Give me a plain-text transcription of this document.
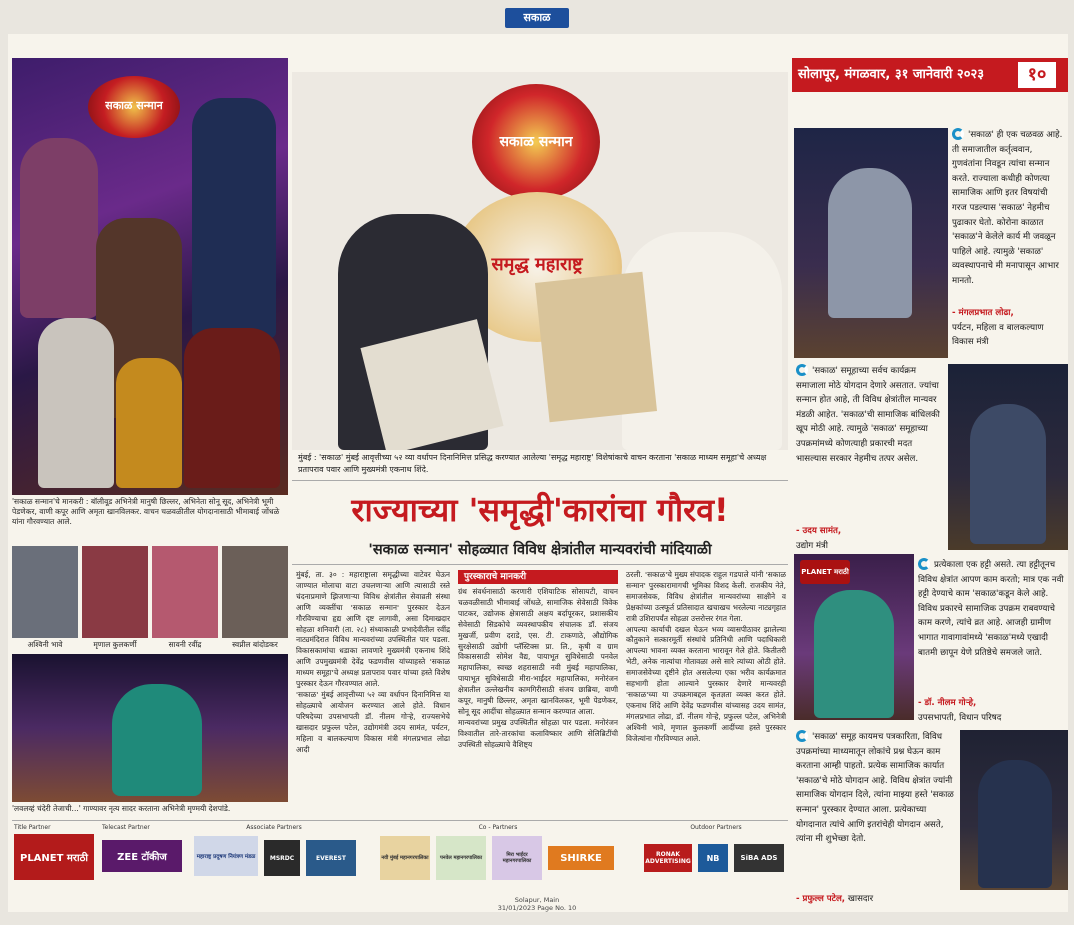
सकाळ
सकाळ सन्मान
'सकाळ सन्मान'चे मानकरी : बॉलीवूड अभिनेत्री मानुषी छिल्लर, अभिनेता सोनू सूद, अभिनेत्री भूमी पेडणेकर, वाणी कपूर आणि अमृता खानविलकर. वाचन चळवळीतील योगदानासाठी भीमाबाई जोंधळे यांना गौरवण्यात आले.
अश्विनी भावे	मृणाल कुलकर्णी	सावनी रवींद्र	स्वप्नील बांदोडकर
'लवलव्हं चंदेरी तेजाची...' गाण्यावर नृत्य सादर करताना अभिनेत्री मृण्मयी देशपांडे.
सकाळ सन्मान
समृद्ध महाराष्ट्र
मुंबई : 'सकाळ' मुंबई आवृत्तीच्या ५२ व्या वर्धापन दिनानिमित्त प्रसिद्ध करण्यात आलेल्या 'समृद्ध महाराष्ट्र' विशेषांकाचे वाचन करताना 'सकाळ माध्यम समूहा'चे अध्यक्ष प्रतापराव पवार आणि मुख्यमंत्री एकनाथ शिंदे.
राज्याच्या 'समृद्धी'कारांचा गौरव!
'सकाळ सन्मान' सोहळ्यात विविध क्षेत्रांतील मान्यवरांची मांदियाळी
मुंबई, ता. ३० : महाराष्ट्राला समृद्धीच्या वाटेवर घेऊन जाण्यात मोलाचा वाटा उचलणाऱ्या आणि त्यासाठी रस्ते चंदनाप्रमाणे झिजणाऱ्या विविध क्षेत्रांतील सेवाव्रती संस्था आणि व्यक्तींचा 'सकाळ सन्मान' पुरस्कार देऊन गौरविण्याचा हृद्य आणि दृष्ट लागावी, असा दिमाखदार सोहळा शनिवारी (ता. २८) संध्याकाळी प्रभादेवीतील रवींद्र नाट्यमंदिरात विविध मान्यवरांच्या उपस्थितीत पार पडला. विकासकामांचा धडाका लावणारे मुख्यमंत्री एकनाथ शिंदे आणि उपमुख्यमंत्री देवेंद्र फडणवीस यांच्याहस्ते 'सकाळ माध्यम समूहा'चे अध्यक्ष प्रतापराव पवार यांच्या हस्ते विशेष पुरस्कार देऊन गौरवण्यात आले.
'सकाळ' मुंबई आवृत्तीच्या ५२ व्या वर्धापन दिनानिमित्त या सोहळ्याचे आयोजन करण्यात आले होते. विधान परिषदेच्या उपसभापती डॉ. नीलम गोऱ्हे, राज्यसभेचे खासदार प्रफुल्ल पटेल, उद्योगमंत्री उदय सामंत, पर्यटन, महिला व बालकल्याण विकास मंत्री मंगलप्रभात लोढा आदी
पुरस्काराचे मानकरी
ग्रंथ संवर्धनासाठी करणारी एशियाटिक सोसायटी, वाचन चळवळीसाठी भीमाबाई जोंधळे, सामाजिक सेवेसाठी विवेक पाटकर, उद्योजक क्षेत्रासाठी अक्षय बर्दापूरकर, प्रशासकीय सेवेसाठी सिडकोचे व्यवस्थापकीय संचालक डॉ. संजय मुखर्जी, प्रवीण दराडे, एस. टी. टाकणाठे, औद्योगिक सुरक्षेसाठी उद्योगी प्लॅस्टिक्स प्रा. लि., कृषी व ग्राम विकाससाठी सोमेश वैद्य, पायाभूत सुविधेसाठी पनवेल महापालिका, स्वच्छ शहरासाठी नवी मुंबई महापालिका, पायाभूत सुविधेसाठी मीरा-भाईंदर महापालिका, मनोरंजन क्षेत्रातील उल्लेखनीय कामगिरीसाठी संजय छाब्रिया, वाणी कपूर, मानुषी छिल्लर, अमृता खानविलकर, भूमी पेडणेकर, सोनू सूद आदींचा सोहळ्यात सन्मान करण्यात आला.
मान्यवरांच्या प्रमुख उपस्थितीत सोहळा पार पडला. मनोरंजन विश्वातील तारे-तारकांचा कलाविष्कार आणि सेलिब्रिटींची उपस्थिती सोहळ्याचे वैशिष्ट्य
ठरली. 'सकाळ'चे मुख्य संपादक राहुल गडपाले यांनी 'सकाळ सन्मान' पुरस्कारामागची भूमिका विशद केली. राजकीय नेते, समाजसेवक, विविध क्षेत्रांतील मान्यवरांच्या साक्षीने व प्रेक्षकांच्या उत्स्फूर्त प्रतिसादात खचाखच भरलेल्या नाट्यगृहात रात्री उशिरापर्यंत सोहळा उत्तरोत्तर रंगत गेला.
आपल्या कार्याची दखल घेऊन भव्य व्यासपीठावर झालेल्या कौतुकाने सत्कारमूर्ती संस्थांचे प्रतिनिधी आणि पदाधिकारी आपल्या भावना व्यक्त करताना भारावून गेले होते. कितीतरी भेटी, अनेक नात्यांचा गोतावळा असे सारे त्यांच्या ओठी होते. समाजसेवेच्या दृष्टीने होत असलेल्या एका भरीव कार्यक्रमात सहभागी होता आल्याने पुरस्कार देणारे मान्यवरही 'सकाळ'च्या या उपक्रमाबद्दल कृतज्ञता व्यक्त करत होते. एकनाथ शिंदे आणि देवेंद्र फडणवीस यांच्यासह उदय सामंत, मंगलप्रभात लोढा, डॉ. नीलम गोऱ्हे, प्रफुल्ल पटेल, अभिनेत्री अश्विनी भावे, मृणाल कुलकर्णी आदींच्या हस्ते पुरस्कार विजेत्यांना गौरविण्यात आले.
सोलापूर, मंगळवार, ३१ जानेवारी २०२३	१०
'सकाळ' ही एक चळवळ आहे. ती समाजातील कर्तृत्ववान, गुणवंतांना निवडून त्यांचा सन्मान करते. राज्याला कधीही कोणत्या सामाजिक आणि इतर विषयांची गरज पडल्यास 'सकाळ' नेहमीच पुढाकार घेतो. कोरोना काळात 'सकाळ'ने केलेले कार्य मी जवळून पाहिले आहे. त्यामुळे 'सकाळ' व्यवस्थापनाचे मी मनापासून आभार मानतो.
- मंगलप्रभात लोढा,
पर्यटन, महिला व बालकल्याण विकास मंत्री
'सकाळ' समूहाच्या सर्वच कार्यक्रम समाजाला मोठे योगदान देणारे असतात. ज्यांचा सन्मान होत आहे, ती विविध क्षेत्रांतील मान्यवर मंडळी आहेत. 'सकाळ'ची सामाजिक बांधिलकी खूप मोठी आहे. त्यामुळे 'सकाळ' समूहाच्या उपक्रमांमध्ये कोणत्याही प्रकारची मदत भासल्यास सरकार नेहमीच तत्पर असेल.
- उदय सामंत,
उद्योग मंत्री
PLANET मराठी
प्रत्येकाला एक हट्टी असते. त्या हट्टीतूनच विविध क्षेत्रांत आपण काम करतो; मात्र एक नवी हट्टी देण्याचे काम 'सकाळ'कडून केले आहे. विविध प्रकारचे सामाजिक उपक्रम राबवण्याचे काम करणे, त्यांचे व्रत आहे. आजही ग्रामीण भागात गावागावांमध्ये 'सकाळ'मध्ये एखादी बातमी छापून येणे प्रतिष्ठेचे समजले जाते.
- डॉ. नीलम गोऱ्हे,
उपसभापती, विधान परिषद
'सकाळ' समूह कायमच पत्रकारिता, विविध उपक्रमांच्या माध्यमातून लोकांचे प्रश्न घेऊन काम करताना आम्ही पाहतो. प्रत्येक सामाजिक कार्यात 'सकाळ'चे मोठे योगदान आहे. विविध क्षेत्रांत ज्यांनी सामाजिक योगदान दिले, त्यांना माझ्या हस्ते 'सकाळ सन्मान' पुरस्कार देण्यात आला. प्रत्येकाच्या योगदानात त्यांचे आणि इतरांचेही योगदान असते, त्यांना मी शुभेच्छा देतो.
- प्रफुल्ल पटेल, खासदार
Title Partner
PLANET मराठी
Telecast Partner
ZEE टॉकीज
Associate Partners
महाराष्ट्र प्रदूषण नियंत्रण मंडळ	MSRDC	EVEREST
Co - Partners
नवी मुंबई महानगरपालिका	पनवेल महानगरपालिका	मिरा भाईंदर महानगरपालिका	SHIRKE
Outdoor Partners
RONAK ADVERTISING	NB	SiBA ADS
Solapur, Main
31/01/2023 Page No. 10
